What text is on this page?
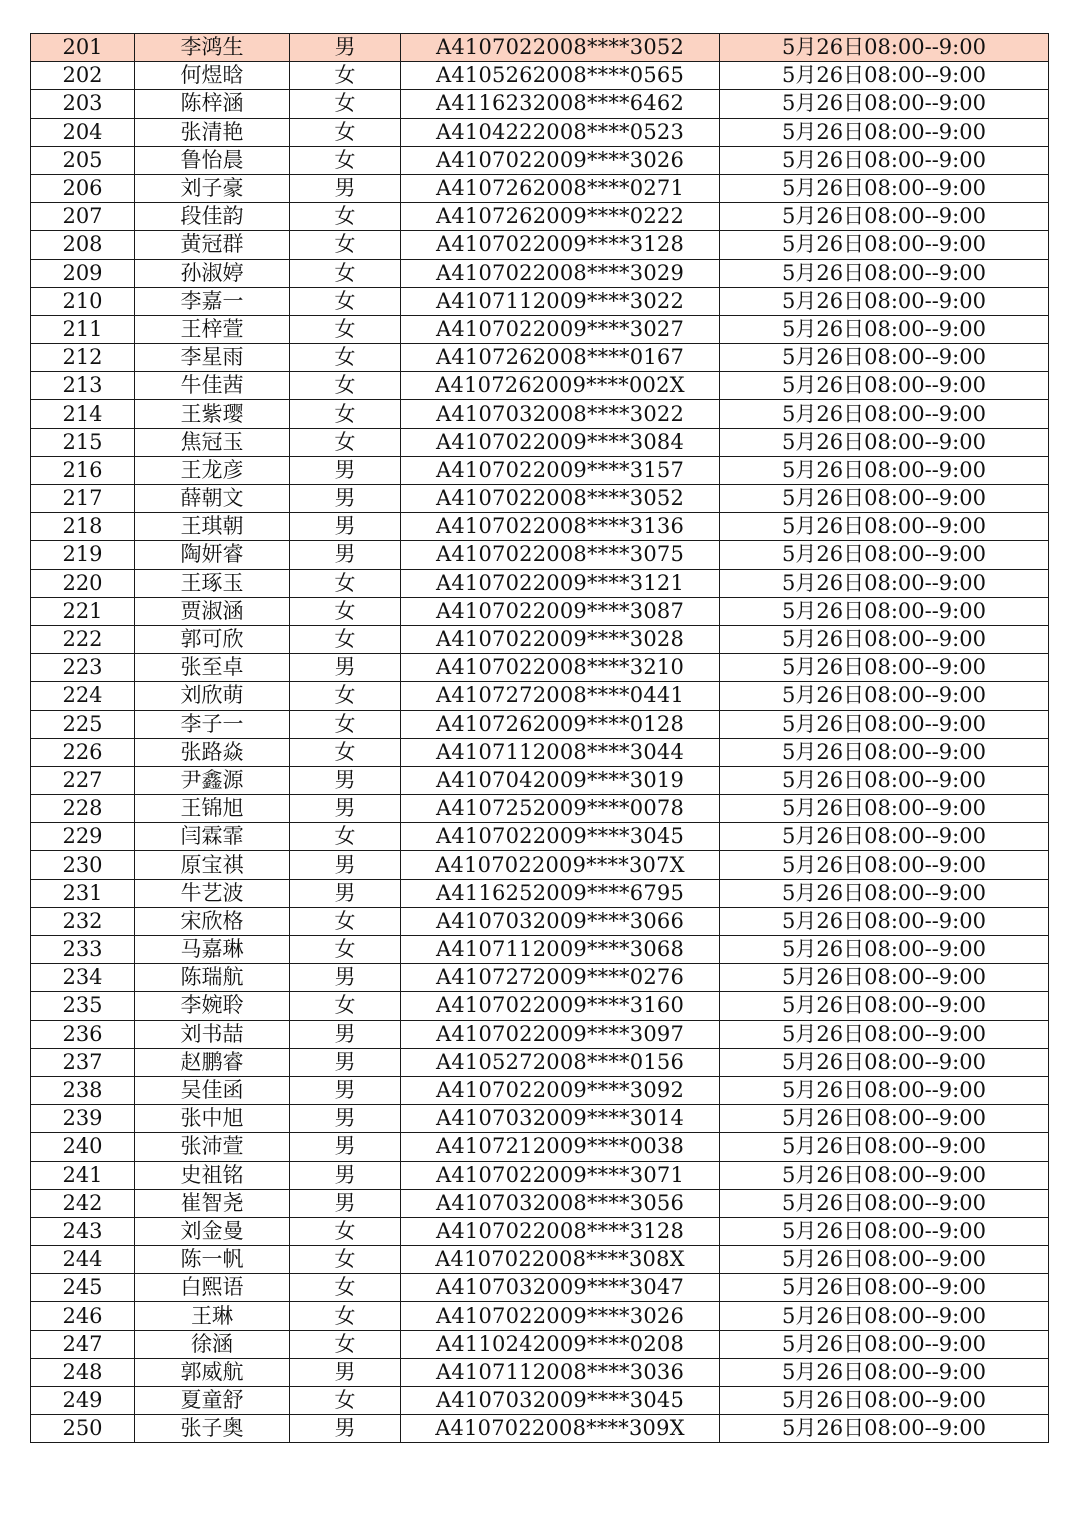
201	李鸿生	男	A4107022008****3052	5月26日08:00--9:00
202	何煜晗	女	A4105262008****0565	5月26日08:00--9:00
203	陈梓涵	女	A4116232008****6462	5月26日08:00--9:00
204	张清艳	女	A4104222008****0523	5月26日08:00--9:00
205	鲁怡晨	女	A4107022009****3026	5月26日08:00--9:00
206	刘子豪	男	A4107262008****0271	5月26日08:00--9:00
207	段佳韵	女	A4107262009****0222	5月26日08:00--9:00
208	黄冠群	女	A4107022009****3128	5月26日08:00--9:00
209	孙淑婷	女	A4107022008****3029	5月26日08:00--9:00
210	李嘉一	女	A4107112009****3022	5月26日08:00--9:00
211	王梓萱	女	A4107022009****3027	5月26日08:00--9:00
212	李星雨	女	A4107262008****0167	5月26日08:00--9:00
213	牛佳茜	女	A4107262009****002X	5月26日08:00--9:00
214	王紫璎	女	A4107032008****3022	5月26日08:00--9:00
215	焦冠玉	女	A4107022009****3084	5月26日08:00--9:00
216	王龙彦	男	A4107022009****3157	5月26日08:00--9:00
217	薛朝文	男	A4107022008****3052	5月26日08:00--9:00
218	王琪朝	男	A4107022008****3136	5月26日08:00--9:00
219	陶妍睿	男	A4107022008****3075	5月26日08:00--9:00
220	王琢玉	女	A4107022009****3121	5月26日08:00--9:00
221	贾淑涵	女	A4107022009****3087	5月26日08:00--9:00
222	郭可欣	女	A4107022009****3028	5月26日08:00--9:00
223	张至卓	男	A4107022008****3210	5月26日08:00--9:00
224	刘欣萌	女	A4107272008****0441	5月26日08:00--9:00
225	李子一	女	A4107262009****0128	5月26日08:00--9:00
226	张路焱	女	A4107112008****3044	5月26日08:00--9:00
227	尹鑫源	男	A4107042009****3019	5月26日08:00--9:00
228	王锦旭	男	A4107252009****0078	5月26日08:00--9:00
229	闫霖霏	女	A4107022009****3045	5月26日08:00--9:00
230	原宝祺	男	A4107022009****307X	5月26日08:00--9:00
231	牛艺波	男	A4116252009****6795	5月26日08:00--9:00
232	宋欣格	女	A4107032009****3066	5月26日08:00--9:00
233	马嘉琳	女	A4107112009****3068	5月26日08:00--9:00
234	陈瑞航	男	A4107272009****0276	5月26日08:00--9:00
235	李婉聆	女	A4107022009****3160	5月26日08:00--9:00
236	刘书喆	男	A4107022009****3097	5月26日08:00--9:00
237	赵鹏睿	男	A4105272008****0156	5月26日08:00--9:00
238	吴佳函	男	A4107022009****3092	5月26日08:00--9:00
239	张中旭	男	A4107032009****3014	5月26日08:00--9:00
240	张沛萱	男	A4107212009****0038	5月26日08:00--9:00
241	史祖铭	男	A4107022009****3071	5月26日08:00--9:00
242	崔智尧	男	A4107032008****3056	5月26日08:00--9:00
243	刘金曼	女	A4107022008****3128	5月26日08:00--9:00
244	陈一帆	女	A4107022008****308X	5月26日08:00--9:00
245	白熙语	女	A4107032009****3047	5月26日08:00--9:00
246	王琳	女	A4107022009****3026	5月26日08:00--9:00
247	徐涵	女	A4110242009****0208	5月26日08:00--9:00
248	郭威航	男	A4107112008****3036	5月26日08:00--9:00
249	夏童舒	女	A4107032009****3045	5月26日08:00--9:00
250	张子奥	男	A4107022008****309X	5月26日08:00--9:00
